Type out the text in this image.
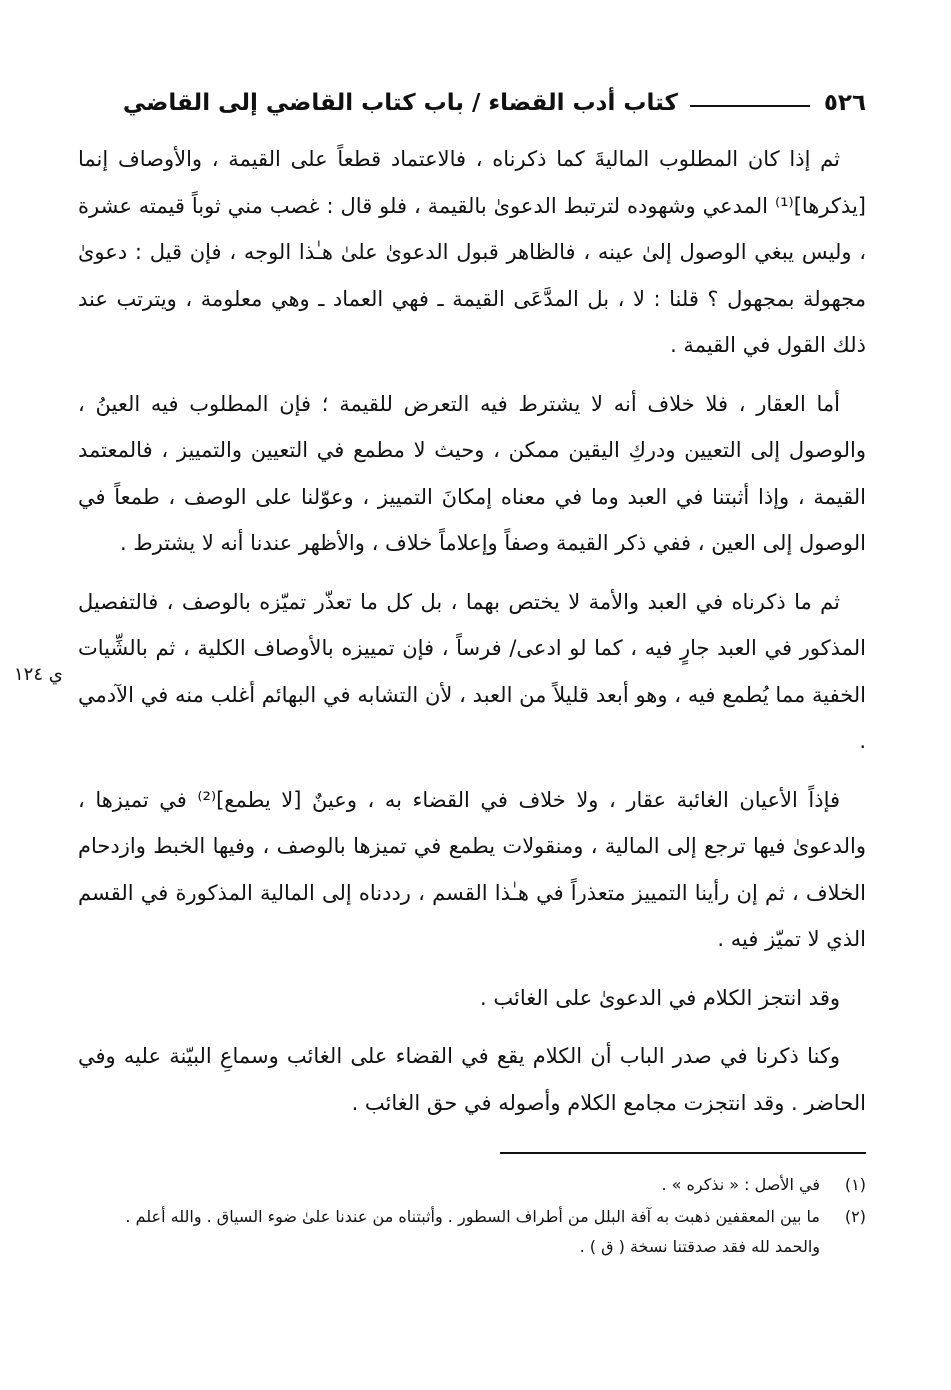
٥٢٦
كتاب أدب القضاء / باب كتاب القاضي إلى القاضي
ي ١٢٤

ثم إذا كان المطلوب الماليةَ كما ذكرناه ، فالاعتماد قطعاً على القيمة ، والأوصاف إنما [يذكرها]⁽¹⁾ المدعي وشهوده لترتبط الدعوىٰ بالقيمة ، فلو قال : غصب مني ثوباً قيمته عشرة ، وليس يبغي الوصول إلىٰ عينه ، فالظاهر قبول الدعوىٰ علىٰ هـٰذا الوجه ، فإن قيل : دعوىٰ مجهولة بمجهول ؟ قلنا : لا ، بل المدَّعَى القيمة ـ فهي العماد ـ وهي معلومة ، ويترتب عند ذلك القول في القيمة .

أما العقار ، فلا خلاف أنه لا يشترط فيه التعرض للقيمة ؛ فإن المطلوب فيه العينُ ، والوصول إلى التعيين ودركِ اليقين ممكن ، وحيث لا مطمع في التعيين والتمييز ، فالمعتمد القيمة ، وإذا أثبتنا في العبد وما في معناه إمكانَ التمييز ، وعوّلنا على الوصف ، طمعاً في الوصول إلى العين ، ففي ذكر القيمة وصفاً وإعلاماً خلاف ، والأظهر عندنا أنه لا يشترط .

ثم ما ذكرناه في العبد والأمة لا يختص بهما ، بل كل ما تعذّر تميّزه بالوصف ، فالتفصيل المذكور في العبد جارٍ فيه ، كما لو ادعى/ فرساً ، فإن تمييزه بالأوصاف الكلية ، ثم بالشِّيات الخفية مما يُطمع فيه ، وهو أبعد قليلاً من العبد ، لأن التشابه في البهائم أغلب منه في الآدمي .

فإذاً الأعيان الغائبة عقار ، ولا خلاف في القضاء به ، وعينٌ [لا يطمع]⁽²⁾ في تميزها ، والدعوىٰ فيها ترجع إلى المالية ، ومنقولات يطمع في تميزها بالوصف ، وفيها الخبط وازدحام الخلاف ، ثم إن رأينا التمييز متعذراً في هـٰذا القسم ، رددناه إلى المالية المذكورة في القسم الذي لا تميّز فيه .

وقد انتجز الكلام في الدعوىٰ على الغائب .

وكنا ذكرنا في صدر الباب أن الكلام يقع في القضاء على الغائب وسماعِ البيّنة عليه وفي الحاضر . وقد انتجزت مجامع الكلام وأصوله في حق الغائب .

(١)
في الأصل : « نذكره » .
(٢)
ما بين المعقفين ذهبت به آفة البلل من أطراف السطور . وأثبتناه من عندنا علىٰ ضوء السياق . والله أعلم . والحمد لله فقد صدقتنا نسخة ( ق ) .
